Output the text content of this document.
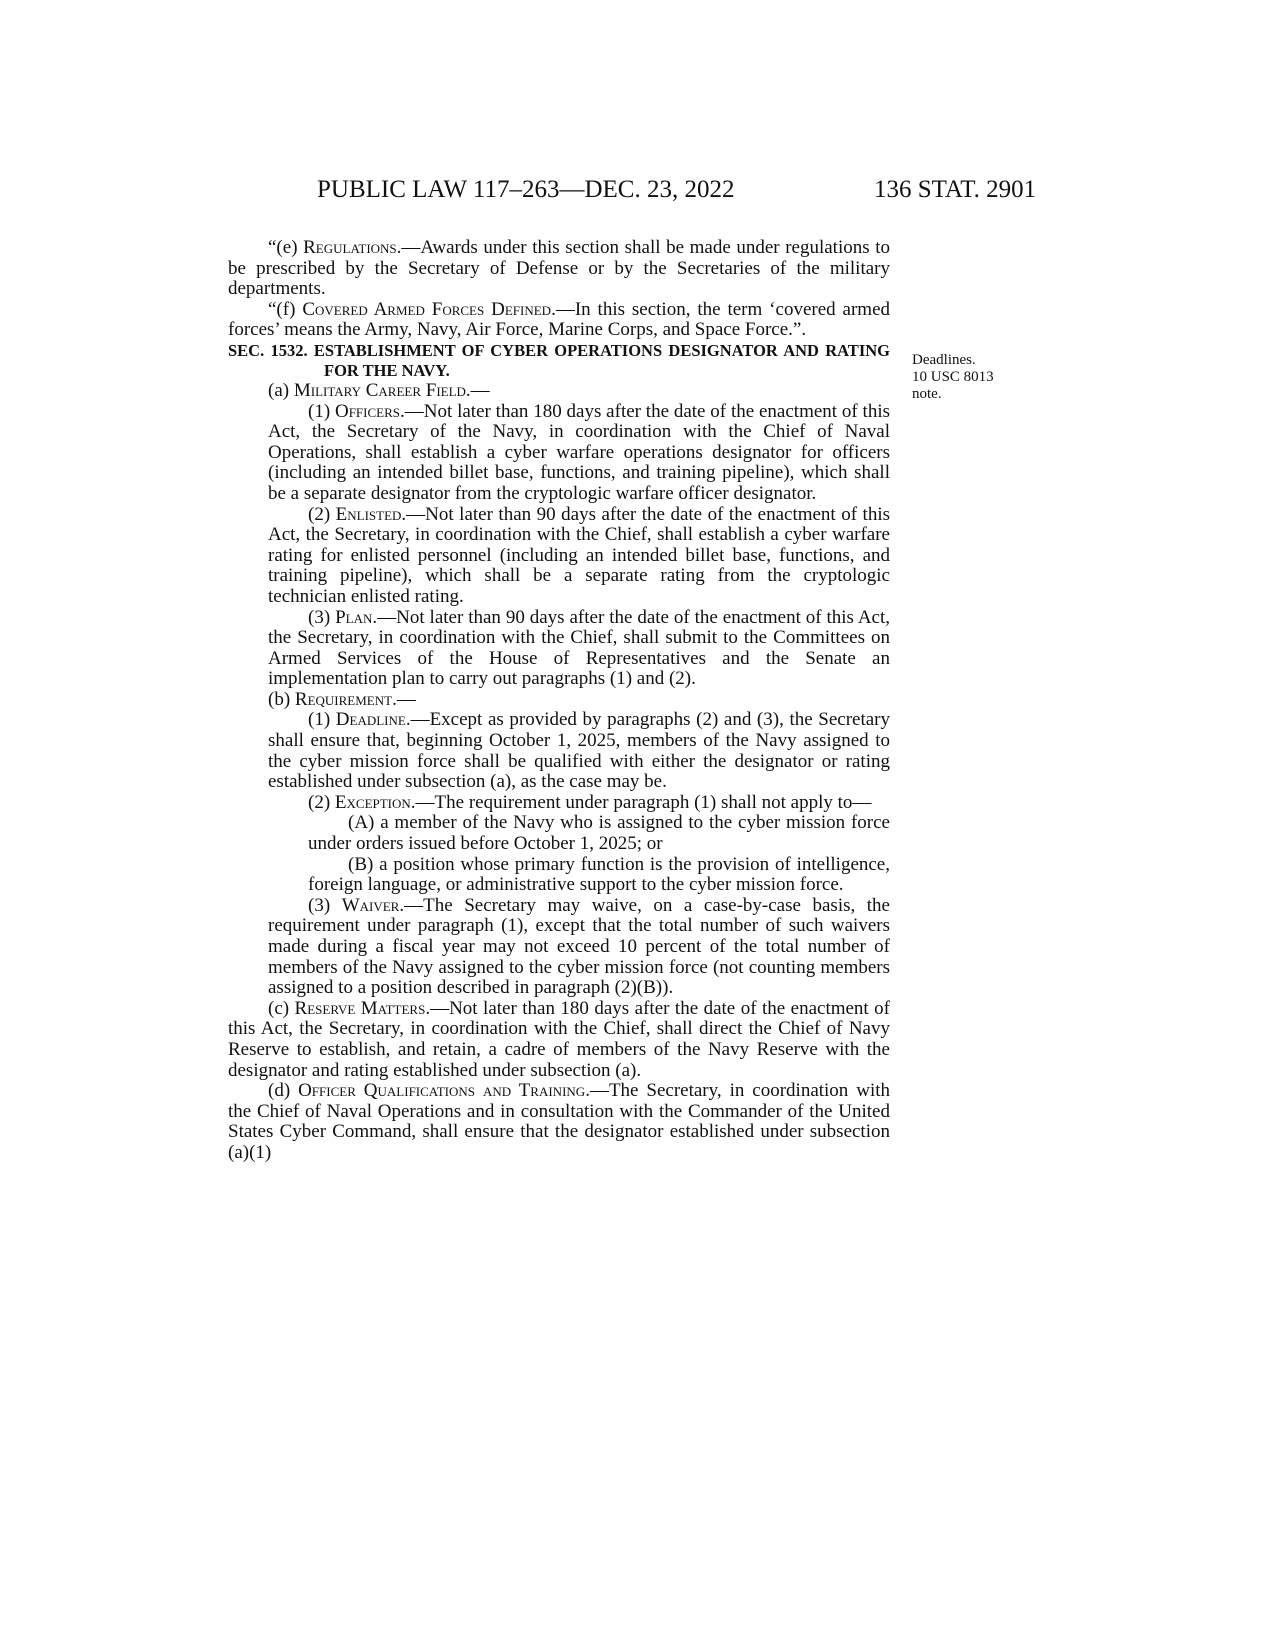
PUBLIC LAW 117–263—DEC. 23, 2022	136 STAT. 2901
Deadlines.
10 USC 8013
note.

“(e) Regulations.—Awards under this section shall be made under regulations to be prescribed by the Secretary of Defense or by the Secretaries of the military departments.

“(f) Covered Armed Forces Defined.—In this section, the term ‘covered armed forces’ means the Army, Navy, Air Force, Marine Corps, and Space Force.”.

SEC. 1532. ESTABLISHMENT OF CYBER OPERATIONS DESIGNATOR AND RATING FOR THE NAVY.

(a) Military Career Field.—

(1) Officers.—Not later than 180 days after the date of the enactment of this Act, the Secretary of the Navy, in coordination with the Chief of Naval Operations, shall establish a cyber warfare operations designator for officers (including an intended billet base, functions, and training pipeline), which shall be a separate designator from the cryptologic warfare officer designator.

(2) Enlisted.—Not later than 90 days after the date of the enactment of this Act, the Secretary, in coordination with the Chief, shall establish a cyber warfare rating for enlisted personnel (including an intended billet base, functions, and training pipeline), which shall be a separate rating from the cryptologic technician enlisted rating.

(3) Plan.—Not later than 90 days after the date of the enactment of this Act, the Secretary, in coordination with the Chief, shall submit to the Committees on Armed Services of the House of Representatives and the Senate an implementation plan to carry out paragraphs (1) and (2).

(b) Requirement.—

(1) Deadline.—Except as provided by paragraphs (2) and (3), the Secretary shall ensure that, beginning October 1, 2025, members of the Navy assigned to the cyber mission force shall be qualified with either the designator or rating established under subsection (a), as the case may be.

(2) Exception.—The requirement under paragraph (1) shall not apply to—

(A) a member of the Navy who is assigned to the cyber mission force under orders issued before October 1, 2025; or

(B) a position whose primary function is the provision of intelligence, foreign language, or administrative support to the cyber mission force.

(3) Waiver.—The Secretary may waive, on a case-by-case basis, the requirement under paragraph (1), except that the total number of such waivers made during a fiscal year may not exceed 10 percent of the total number of members of the Navy assigned to the cyber mission force (not counting members assigned to a position described in paragraph (2)(B)).

(c) Reserve Matters.—Not later than 180 days after the date of the enactment of this Act, the Secretary, in coordination with the Chief, shall direct the Chief of Navy Reserve to establish, and retain, a cadre of members of the Navy Reserve with the designator and rating established under subsection (a).

(d) Officer Qualifications and Training.—The Secretary, in coordination with the Chief of Naval Operations and in consultation with the Commander of the United States Cyber Command, shall ensure that the designator established under subsection (a)(1)
